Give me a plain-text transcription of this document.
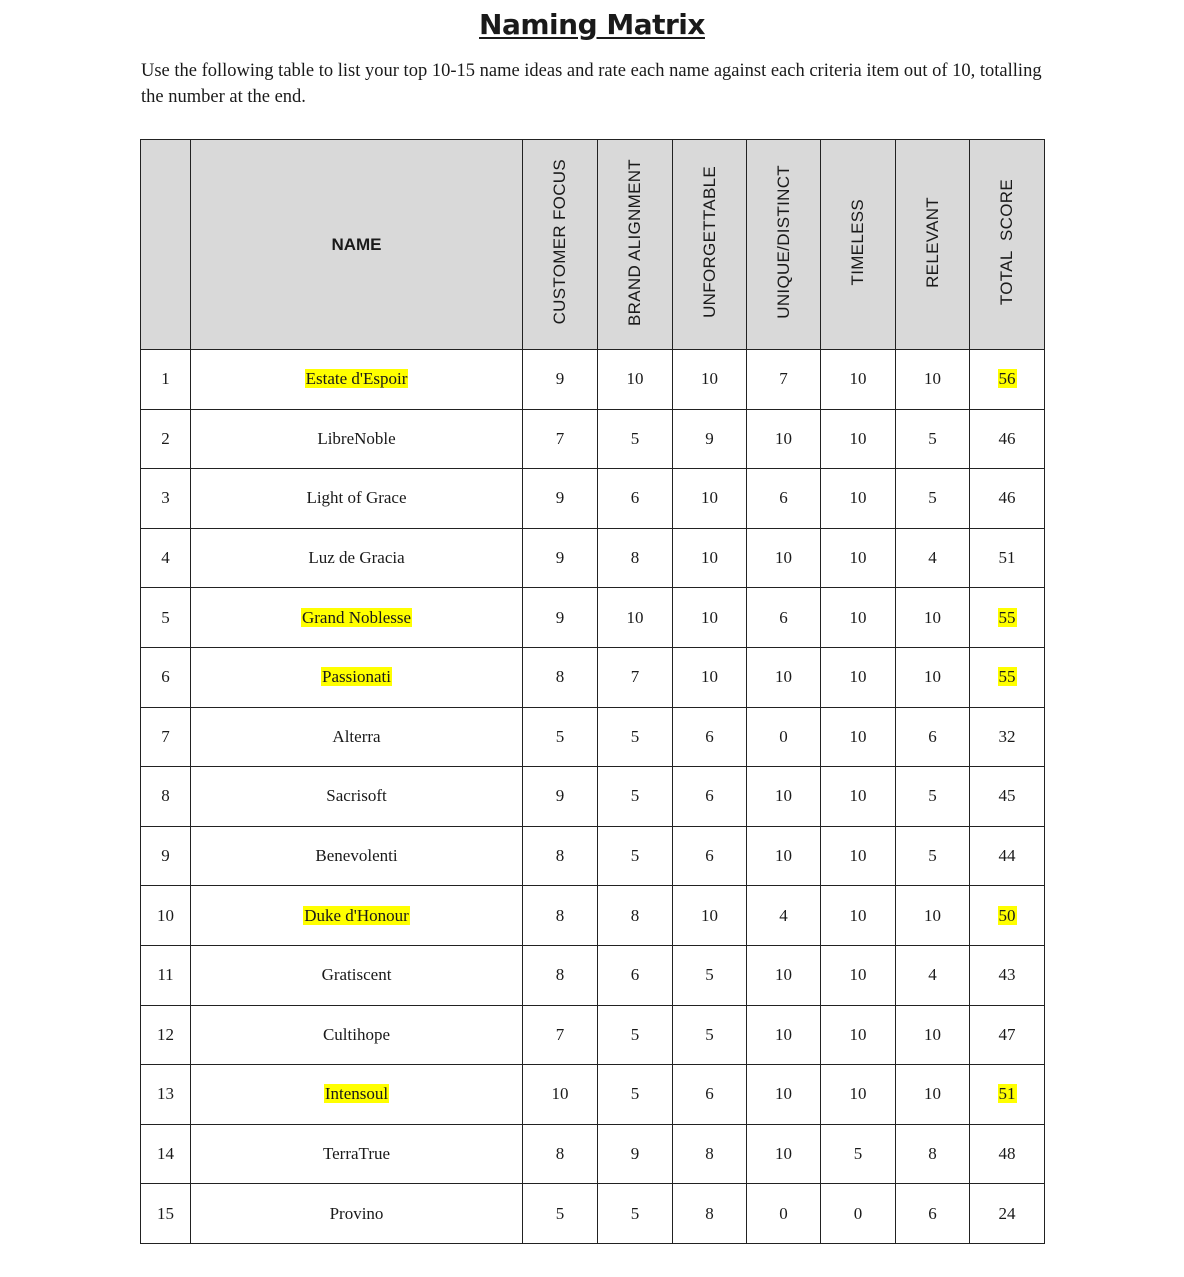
Naming Matrix

Use the following table to list your top 10-15 name ideas and rate each name against each criteria item out of 10, totalling the number at the end.

	NAME	CUSTOMER FOCUS	BRAND ALIGNMENT	UNFORGETTABLE	UNIQUE/DISTINCT	TIMELESS	RELEVANT	TOTAL  SCORE
1	Estate d'Espoir	9	10	10	7	10	10	56
2	LibreNoble	7	5	9	10	10	5	46
3	Light of Grace	9	6	10	6	10	5	46
4	Luz de Gracia	9	8	10	10	10	4	51
5	Grand Noblesse	9	10	10	6	10	10	55
6	Passionati	8	7	10	10	10	10	55
7	Alterra	5	5	6	0	10	6	32
8	Sacrisoft	9	5	6	10	10	5	45
9	Benevolenti	8	5	6	10	10	5	44
10	Duke d'Honour	8	8	10	4	10	10	50
11	Gratiscent	8	6	5	10	10	4	43
12	Cultihope	7	5	5	10	10	10	47
13	Intensoul	10	5	6	10	10	10	51
14	TerraTrue	8	9	8	10	5	8	48
15	Provino	5	5	8	0	0	6	24
